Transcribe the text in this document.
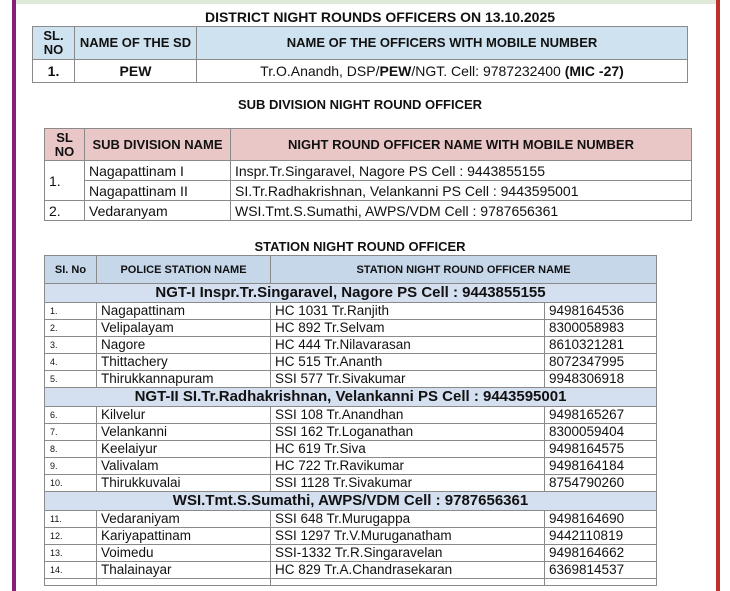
DISTRICT NIGHT ROUNDS OFFICERS ON 13.10.2025
SL. NO	NAME OF THE SD	NAME OF THE OFFICERS WITH MOBILE NUMBER
1.	PEW	Tr.O.Anandh, DSP/PEW/NGT. Cell: 9787232400 (MIC -27)
SUB DIVISION NIGHT ROUND OFFICER
SL NO	SUB DIVISION NAME	NIGHT ROUND OFFICER NAME WITH MOBILE NUMBER
1.	Nagapattinam I	Inspr.Tr.Singaravel, Nagore PS Cell : 9443855155
	Nagapattinam II	SI.Tr.Radhakrishnan, Velankanni PS Cell : 9443595001
2.	Vedaranyam	WSI.Tmt.S.Sumathi, AWPS/VDM Cell : 9787656361
STATION NIGHT ROUND OFFICER
SI. No	POLICE STATION NAME	STATION NIGHT ROUND OFFICER NAME	
NGT-I Inspr.Tr.Singaravel, Nagore PS Cell : 9443855155			
1.	Nagapattinam	HC 1031 Tr.Ranjith	9498164536
2.	Velipalayam	HC 892 Tr.Selvam	8300058983
3.	Nagore	HC 444 Tr.Nilavarasan	8610321281
4.	Thittachery	HC 515 Tr.Ananth	8072347995
5.	Thirukkannapuram	SSI 577 Tr.Sivakumar	9948306918
NGT-II SI.Tr.Radhakrishnan, Velankanni PS Cell : 9443595001			
6.	Kilvelur	SSI 108 Tr.Anandhan	9498165267
7.	Velankanni	SSI 162 Tr.Loganathan	8300059404
8.	Keelaiyur	HC 619 Tr.Siva	9498164575
9.	Valivalam	HC 722 Tr.Ravikumar	9498164184
10.	Thirukkuvalai	SSI 1128 Tr.Sivakumar	8754790260
WSI.Tmt.S.Sumathi, AWPS/VDM Cell : 9787656361			
11.	Vedaraniyam	SSI 648 Tr.Murugappa	9498164690
12.	Kariyapattinam	SSI 1297 Tr.V.Muruganatham	9442110819
13.	Voimedu	SSI-1332 Tr.R.Singaravelan	9498164662
14.	Thalainayar	HC 829 Tr.A.Chandrasekaran	6369814537
